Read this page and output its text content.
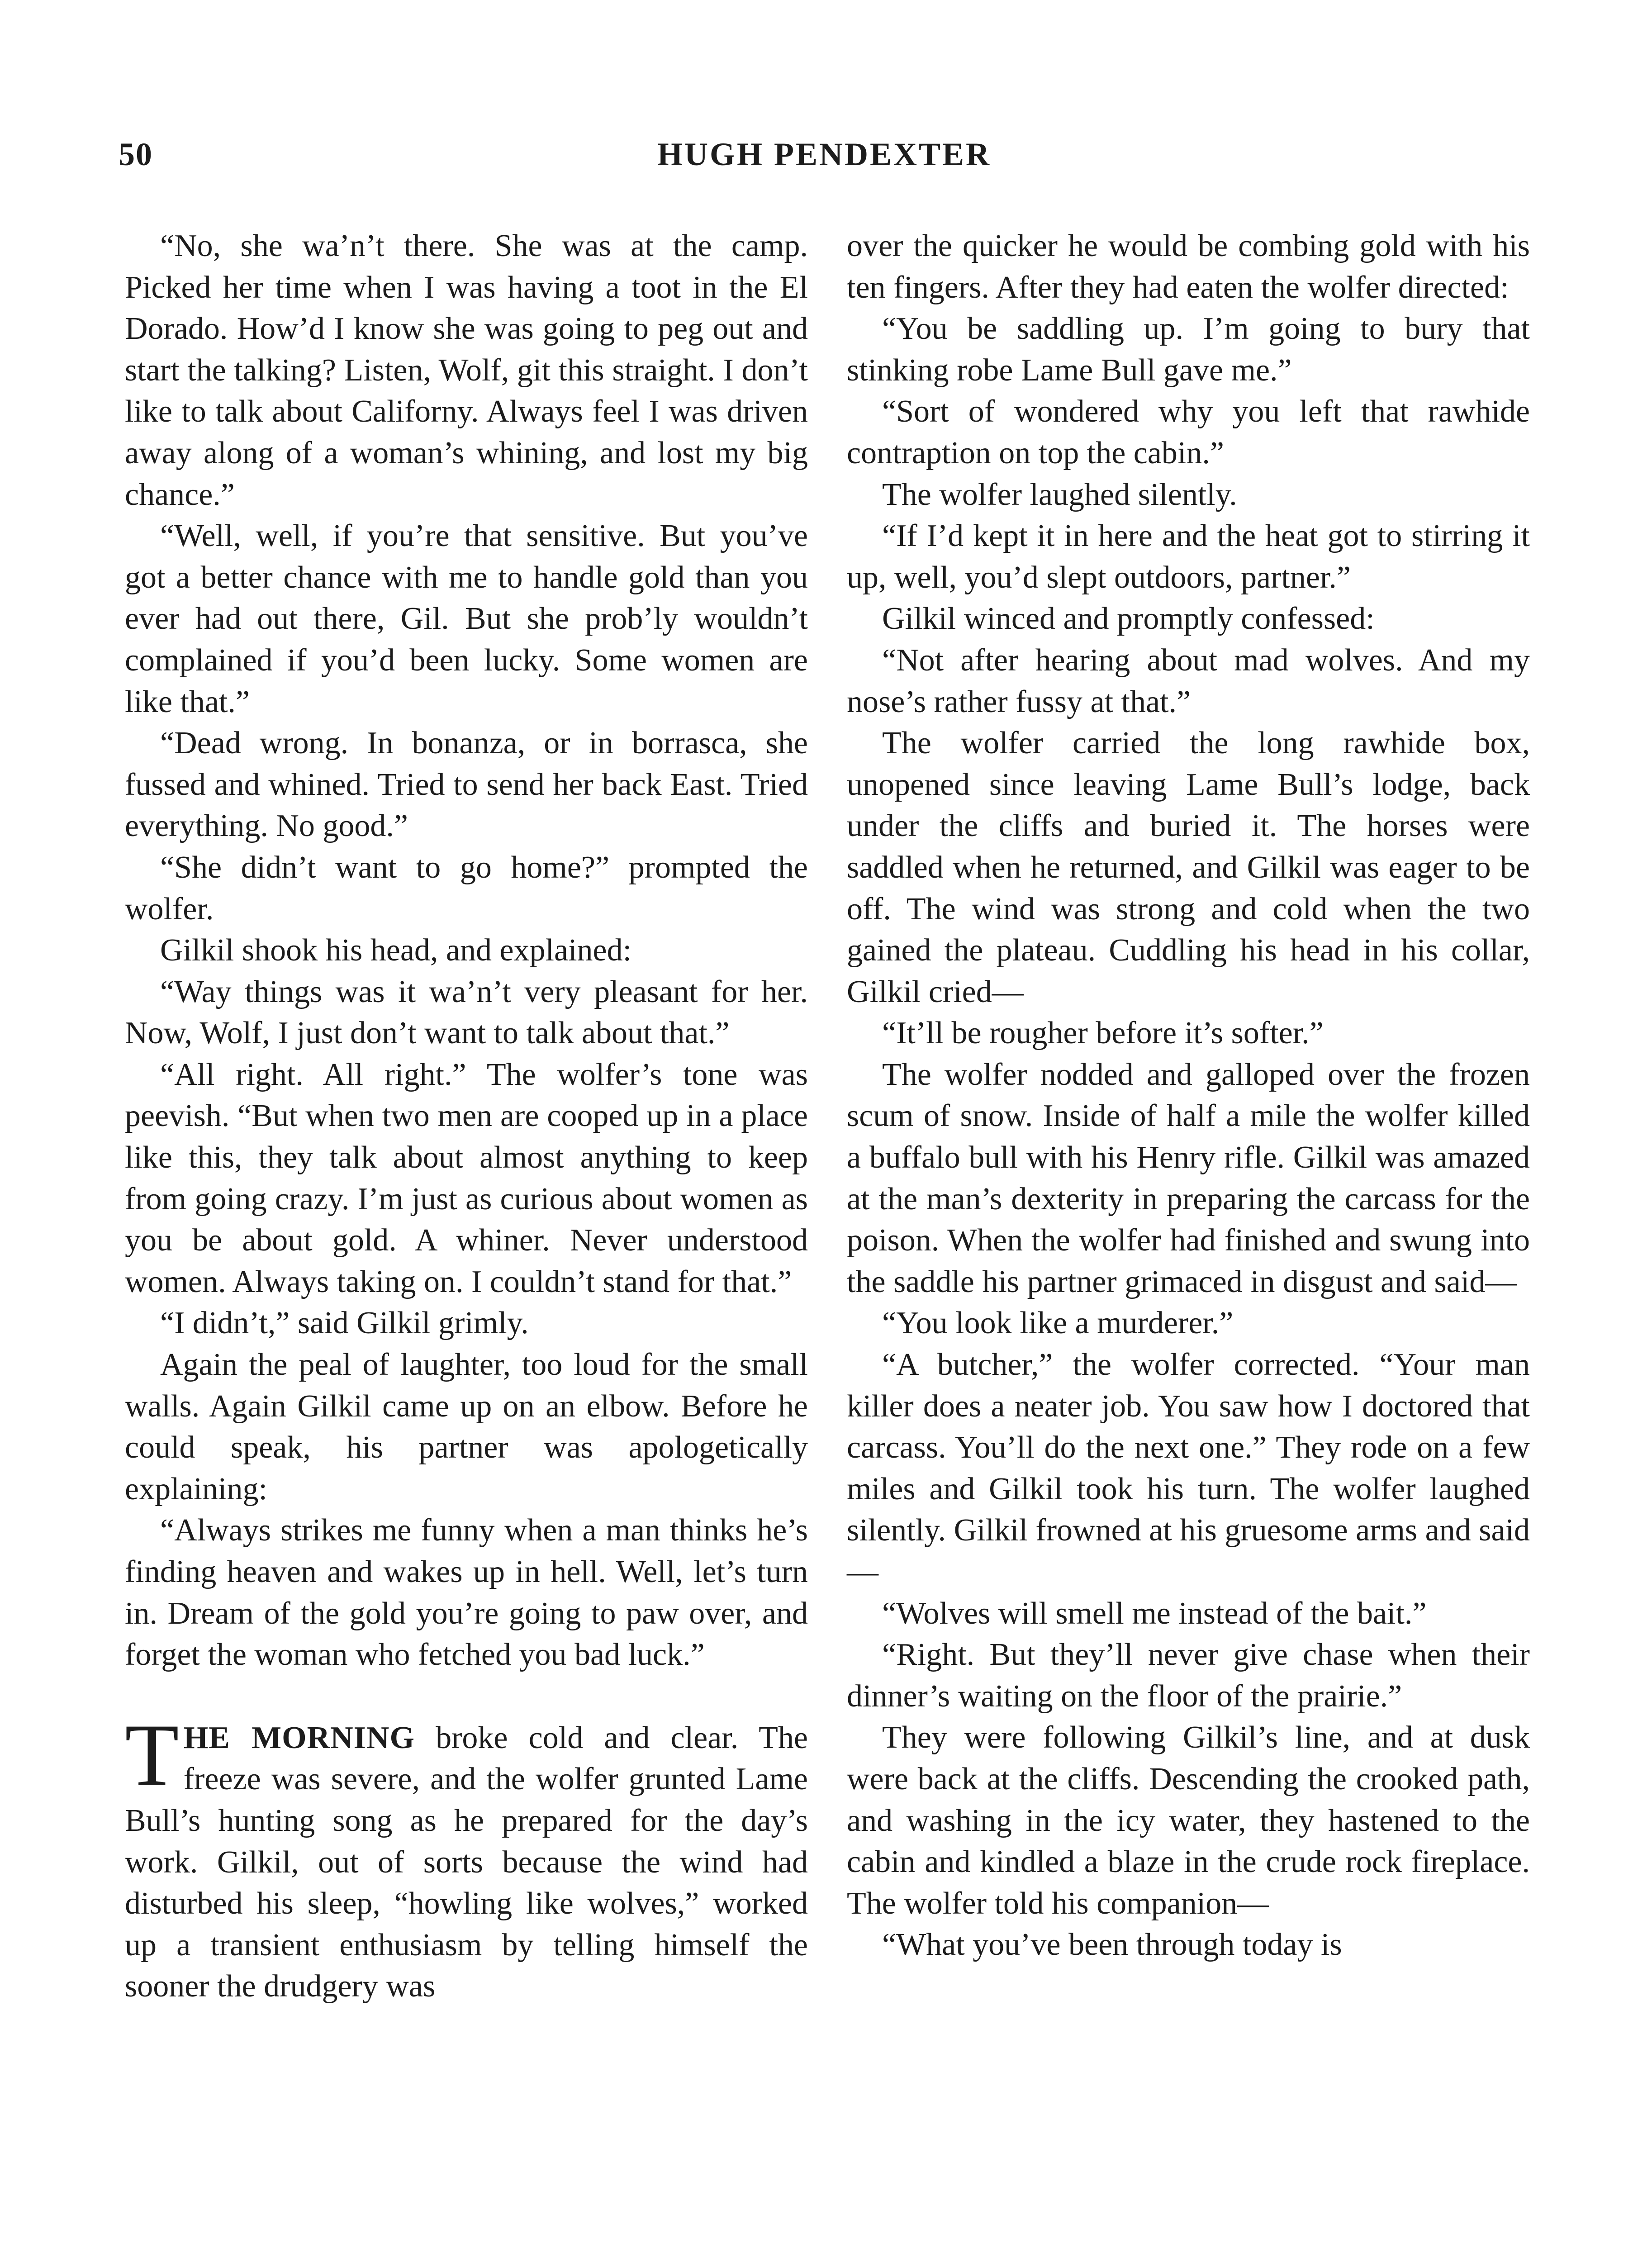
50	HUGH PENDEXTER

“No, she wa’n’t there. She was at the camp. Picked her time when I was having a toot in the El Dorado. How’d I know she was going to peg out and start the talking? Listen, Wolf, git this straight. I don’t like to talk about Californy. Always feel I was driven away along of a woman’s whining, and lost my big chance.”

“Well, well, if you’re that sensitive. But you’ve got a better chance with me to handle gold than you ever had out there, Gil. But she prob’ly wouldn’t complained if you’d been lucky. Some women are like that.”

“Dead wrong. In bonanza, or in borrasca, she fussed and whined. Tried to send her back East. Tried everything. No good.”

“She didn’t want to go home?” prompted the wolfer.

Gilkil shook his head, and explained:

“Way things was it wa’n’t very pleasant for her. Now, Wolf, I just don’t want to talk about that.”

“All right. All right.” The wolfer’s tone was peevish. “But when two men are cooped up in a place like this, they talk about almost anything to keep from going crazy. I’m just as curious about women as you be about gold. A whiner. Never understood women. Always taking on. I couldn’t stand for that.”

“I didn’t,” said Gilkil grimly.

Again the peal of laughter, too loud for the small walls. Again Gilkil came up on an elbow. Before he could speak, his partner was apologetically explaining:

“Always strikes me funny when a man thinks he’s finding heaven and wakes up in hell. Well, let’s turn in. Dream of the gold you’re going to paw over, and forget the woman who fetched you bad luck.”

THE MORNING broke cold and clear. The freeze was severe, and the wolfer grunted Lame Bull’s hunting song as he prepared for the day’s work. Gilkil, out of sorts because the wind had disturbed his sleep, “howling like wolves,” worked up a transient enthusiasm by telling himself the sooner the drudgery was

over the quicker he would be combing gold with his ten fingers. After they had eaten the wolfer directed:

“You be saddling up. I’m going to bury that stinking robe Lame Bull gave me.”

“Sort of wondered why you left that rawhide contraption on top the cabin.”

The wolfer laughed silently.

“If I’d kept it in here and the heat got to stirring it up, well, you’d slept outdoors, partner.”

Gilkil winced and promptly confessed:

“Not after hearing about mad wolves. And my nose’s rather fussy at that.”

The wolfer carried the long rawhide box, unopened since leaving Lame Bull’s lodge, back under the cliffs and buried it. The horses were saddled when he returned, and Gilkil was eager to be off. The wind was strong and cold when the two gained the plateau. Cuddling his head in his collar, Gilkil cried—

“It’ll be rougher before it’s softer.”

The wolfer nodded and galloped over the frozen scum of snow. Inside of half a mile the wolfer killed a buffalo bull with his Henry rifle. Gilkil was amazed at the man’s dexterity in preparing the carcass for the poison. When the wolfer had finished and swung into the saddle his partner grimaced in disgust and said—

“You look like a murderer.”

“A butcher,” the wolfer corrected. “Your man killer does a neater job. You saw how I doctored that carcass. You’ll do the next one.” They rode on a few miles and Gilkil took his turn. The wolfer laughed silently. Gilkil frowned at his gruesome arms and said—

“Wolves will smell me instead of the bait.”

“Right. But they’ll never give chase when their dinner’s waiting on the floor of the prairie.”

They were following Gilkil’s line, and at dusk were back at the cliffs. Descending the crooked path, and washing in the icy water, they hastened to the cabin and kindled a blaze in the crude rock fireplace. The wolfer told his companion—

“What you’ve been through today is
